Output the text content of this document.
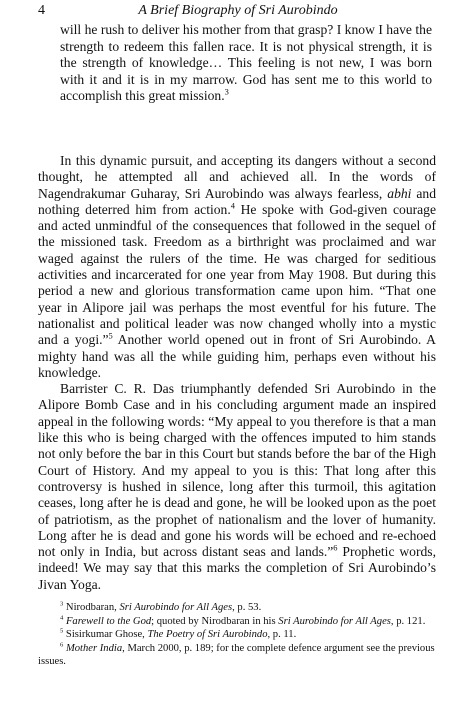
4	A Brief Biography of Sri Aurobindo
will he rush to deliver his mother from that grasp? I know I have the strength to redeem this fallen race. It is not physical strength, it is the strength of knowledge… This feeling is not new, I was born with it and it is in my marrow. God has sent me to this world to accomplish this great mission.$^3$

In this dynamic pursuit, and accepting its dangers without a second thought, he attempted all and achieved all. In the words of Nagendrakumar Guharay, Sri Aurobindo was always fearless, abhi and nothing deterred him from action.$^4$ He spoke with God-given courage and acted unmindful of the consequences that followed in the sequel of the missioned task. Freedom as a birthright was proclaimed and war waged against the rulers of the time. He was charged for seditious activities and incarcerated for one year from May 1908. But during this period a new and glorious transformation came upon him. “That one year in Alipore jail was perhaps the most eventful for his future. The nationalist and political leader was now changed wholly into a mystic and a yogi.”$^5$ Another world opened out in front of Sri Aurobindo. A mighty hand was all the while guiding him, perhaps even without his knowledge.

Barrister C. R. Das triumphantly defended Sri Aurobindo in the Alipore Bomb Case and in his concluding argument made an inspired appeal in the following words: “My appeal to you therefore is that a man like this who is being charged with the offences imputed to him stands not only before the bar in this Court but stands before the bar of the High Court of History. And my appeal to you is this: That long after this controversy is hushed in silence, long after this turmoil, this agitation ceases, long after he is dead and gone, he will be looked upon as the poet of patriotism, as the prophet of nationalism and the lover of humanity. Long after he is dead and gone his words will be echoed and re-echoed not only in India, but across distant seas and lands.”$^6$ Prophetic words, indeed! We may say that this marks the completion of Sri Aurobindo’s Jivan Yoga.

$^3$ Nirodbaran, Sri Aurobindo for All Ages, p. 53.

$^4$ Farewell to the God; quoted by Nirodbaran in his Sri Aurobindo for All Ages, p. 121.

$^5$ Sisirkumar Ghose, The Poetry of Sri Aurobindo, p. 11.

$^6$ Mother India, March 2000, p. 189; for the complete defence argument see the previous issues.
